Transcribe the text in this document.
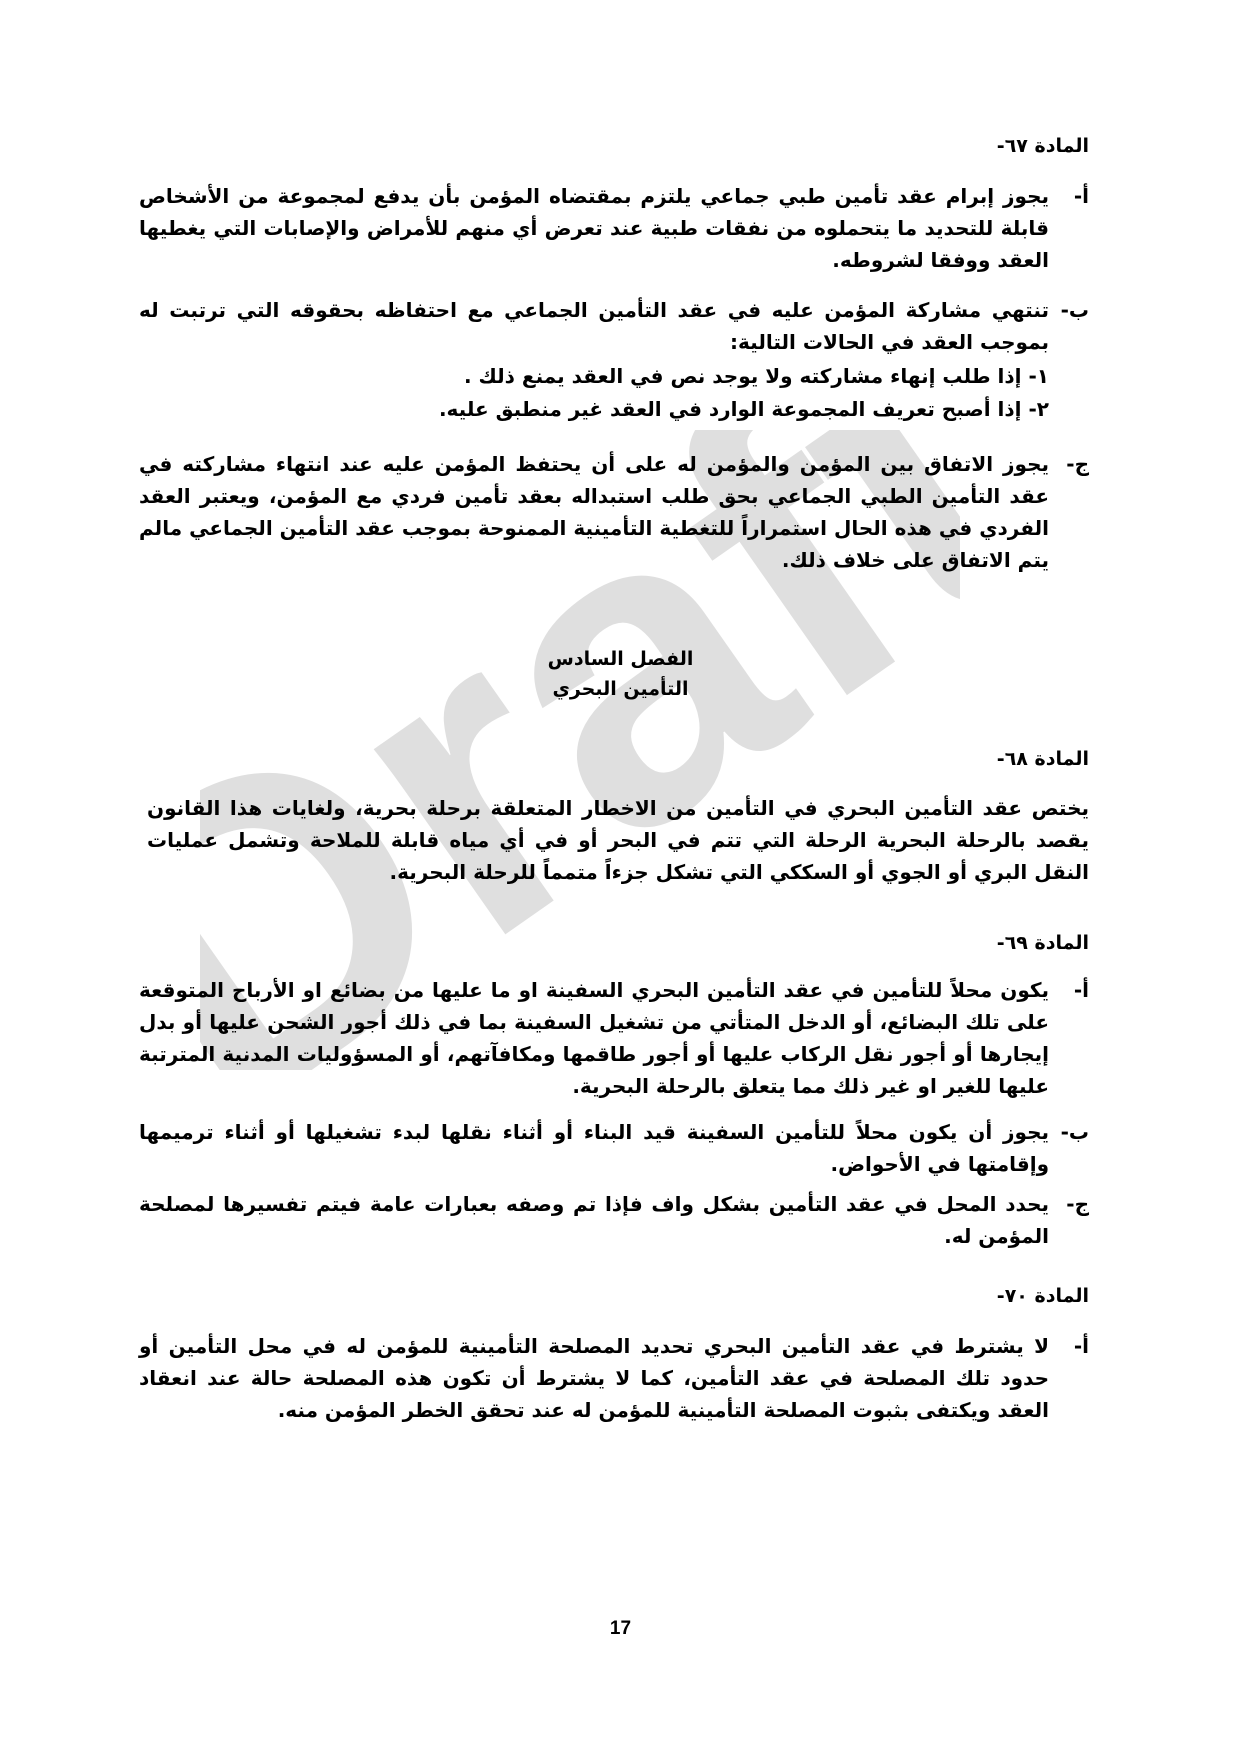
Draft
المادة ٦٧-
أ-
يجوز إبرام عقد تأمين طبي جماعي يلتزم بمقتضاه المؤمن بأن يدفع لمجموعة من الأشخاص قابلة للتحديد ما يتحملوه من نفقات طبية عند تعرض أي منهم للأمراض والإصابات التي يغطيها العقد ووفقا لشروطه.
ب-
تنتهي مشاركة المؤمن عليه في عقد التأمين الجماعي مع احتفاظه بحقوقه التي ترتبت له بموجب العقد في الحالات التالية:
١- إذا طلب إنهاء مشاركته ولا يوجد نص في العقد يمنع ذلك .
٢- إذا أصبح تعريف المجموعة الوارد في العقد غير منطبق عليه.
ج-
يجوز الاتفاق بين المؤمن والمؤمن له على أن يحتفظ المؤمن عليه عند انتهاء مشاركته في عقد التأمين الطبي الجماعي بحق طلب استبداله بعقد تأمين فردي مع المؤمن، ويعتبر العقد الفردي في هذه الحال استمراراً للتغطية التأمينية الممنوحة بموجب عقد التأمين الجماعي مالم يتم الاتفاق على خلاف ذلك.
الفصل السادس
التأمين البحري
المادة ٦٨-
يختص عقد التأمين البحري في التأمين من الاخطار المتعلقة برحلة بحرية، ولغايات هذا القانون يقصد بالرحلة البحرية الرحلة التي تتم في البحر أو في أي مياه قابلة للملاحة وتشمل عمليات النقل البري أو الجوي أو السككي التي تشكل جزءاً متمماً للرحلة البحرية.
المادة ٦٩-
أ-
يكون محلاً للتأمين في عقد التأمين البحري السفينة او ما عليها من بضائع او الأرباح المتوقعة على تلك البضائع، أو الدخل المتأتي من تشغيل السفينة بما في ذلك أجور الشحن عليها أو بدل إيجارها أو أجور نقل الركاب عليها أو أجور طاقمها ومكافآتهم، أو المسؤوليات المدنية المترتبة عليها للغير او غير ذلك مما يتعلق بالرحلة البحرية.
ب-
يجوز أن يكون محلاً للتأمين السفينة قيد البناء أو أثناء نقلها لبدء تشغيلها أو أثناء ترميمها وإقامتها في الأحواض.
ج-
يحدد المحل في عقد التأمين بشكل واف فإذا تم وصفه بعبارات عامة فيتم تفسيرها لمصلحة المؤمن له.
المادة ٧٠-
أ-
لا يشترط في عقد التأمين البحري تحديد المصلحة التأمينية للمؤمن له في محل التأمين أو حدود تلك المصلحة في عقد التأمين، كما لا يشترط أن تكون هذه المصلحة حالة عند انعقاد العقد ويكتفى بثبوت المصلحة التأمينية للمؤمن له عند تحقق الخطر المؤمن منه.
17
